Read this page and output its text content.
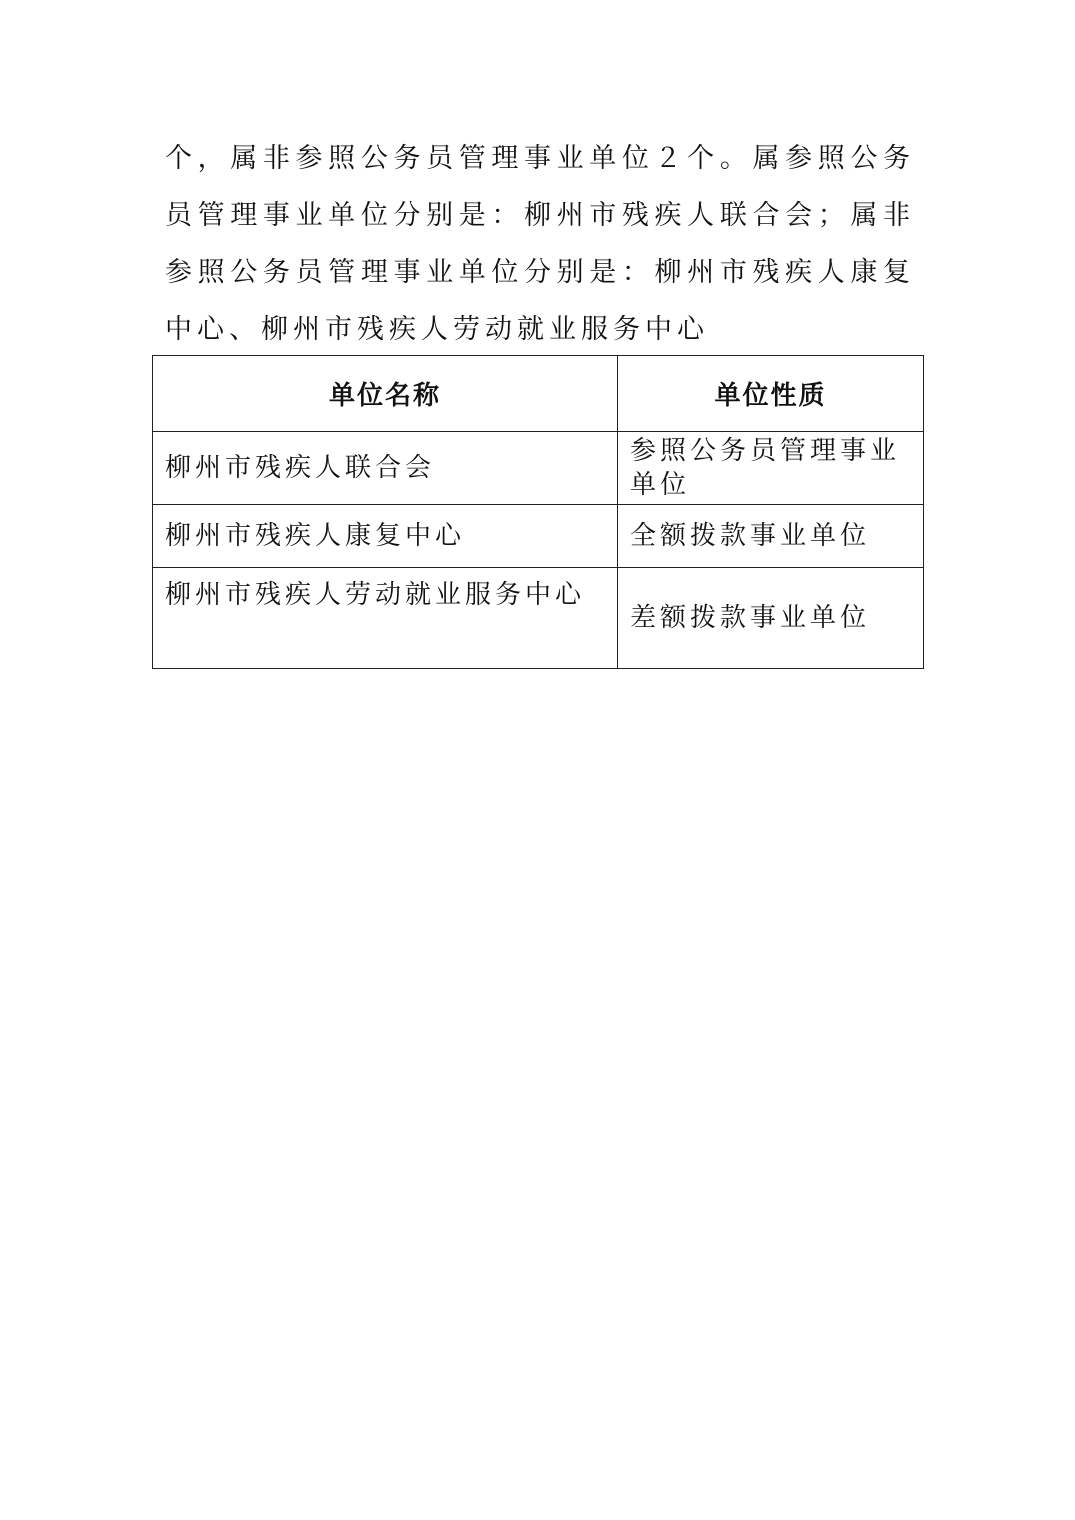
个，属非参照公务员管理事业单位２个。属参照公务员管理事业单位分别是：柳州市残疾人联合会；属非参照公务员管理事业单位分别是：柳州市残疾人康复中心、柳州市残疾人劳动就业服务中心

单位名称	单位性质
柳州市残疾人联合会	参照公务员管理事业单位
柳州市残疾人康复中心	全额拨款事业单位
柳州市残疾人劳动就业服务中心	差额拨款事业单位
